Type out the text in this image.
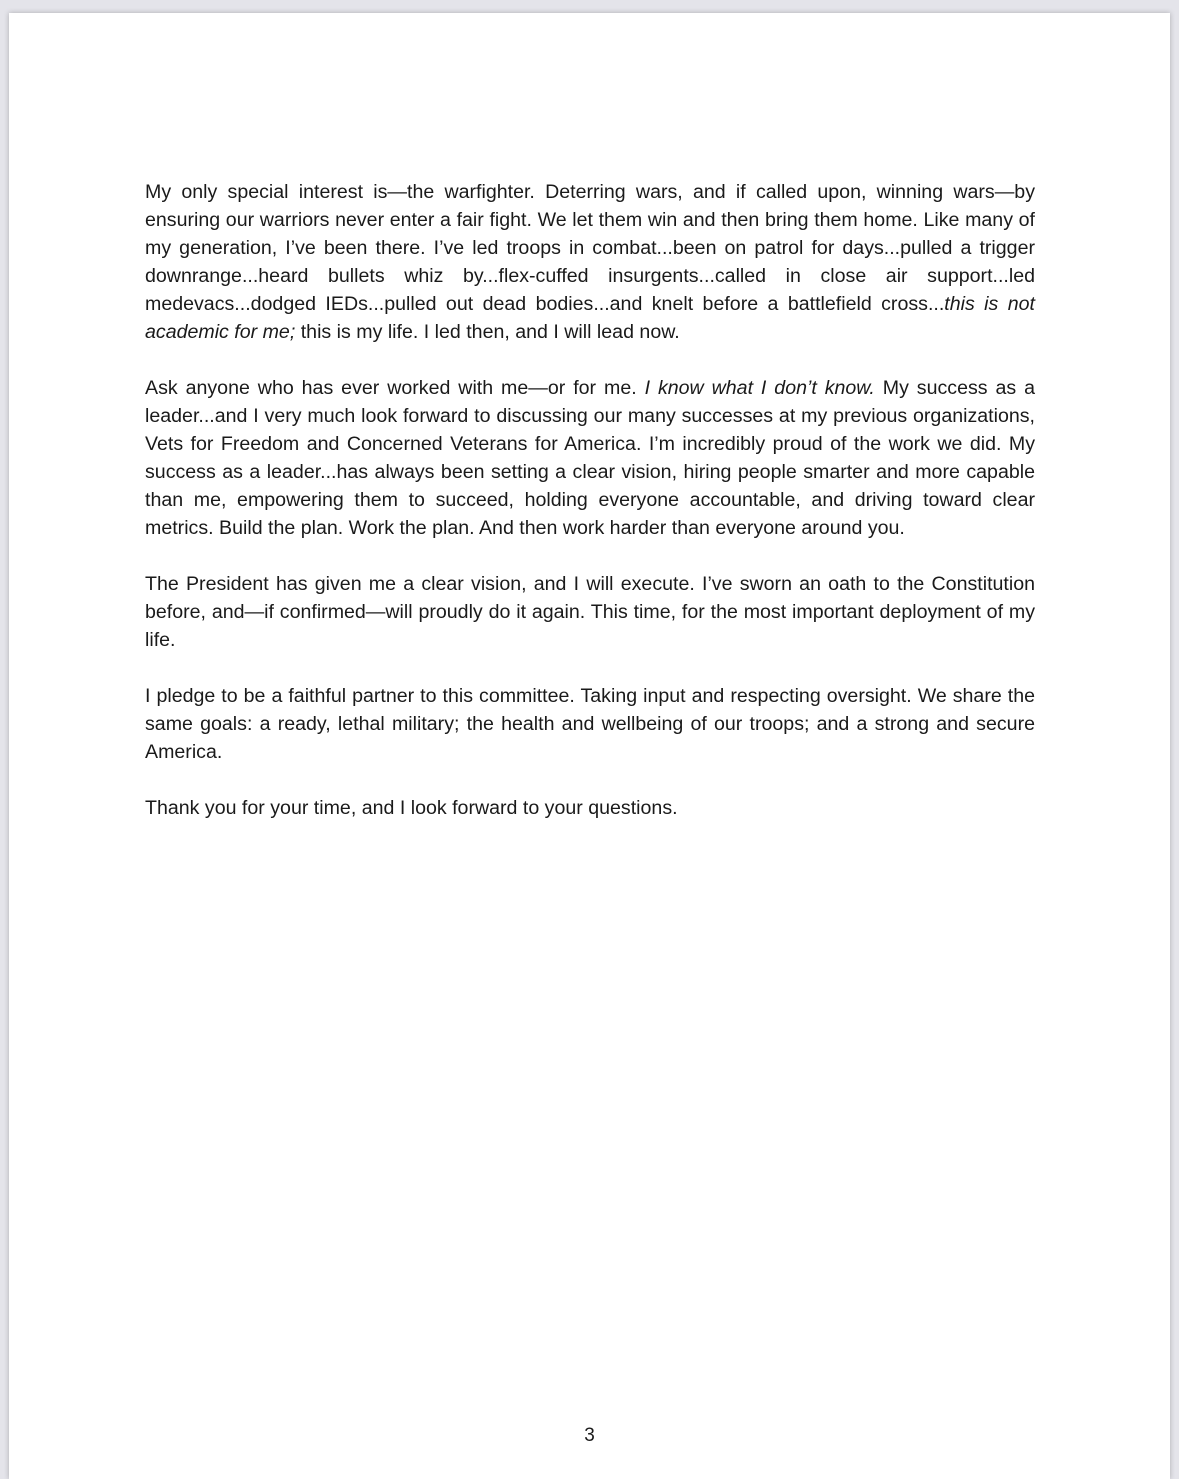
My only special interest is—the warfighter. Deterring wars, and if called upon, winning wars—by ensuring our warriors never enter a fair fight. We let them win and then bring them home. Like many of my generation, I’ve been there. I’ve led troops in combat...been on patrol for days...pulled a trigger downrange...heard bullets whiz by...flex-cuffed insurgents...called in close air support...led medevacs...dodged IEDs...pulled out dead bodies...and knelt before a battlefield cross...this is not academic for me; this is my life. I led then, and I will lead now.

Ask anyone who has ever worked with me—or for me. I know what I don’t know. My success as a leader...and I very much look forward to discussing our many successes at my previous organizations, Vets for Freedom and Concerned Veterans for America. I’m incredibly proud of the work we did. My success as a leader...has always been setting a clear vision, hiring people smarter and more capable than me, empowering them to succeed, holding everyone accountable, and driving toward clear metrics. Build the plan. Work the plan. And then work harder than everyone around you.

The President has given me a clear vision, and I will execute. I’ve sworn an oath to the Constitution before, and—if confirmed—will proudly do it again. This time, for the most important deployment of my life.

I pledge to be a faithful partner to this committee. Taking input and respecting oversight. We share the same goals: a ready, lethal military; the health and wellbeing of our troops; and a strong and secure America.

Thank you for your time, and I look forward to your questions.

3
